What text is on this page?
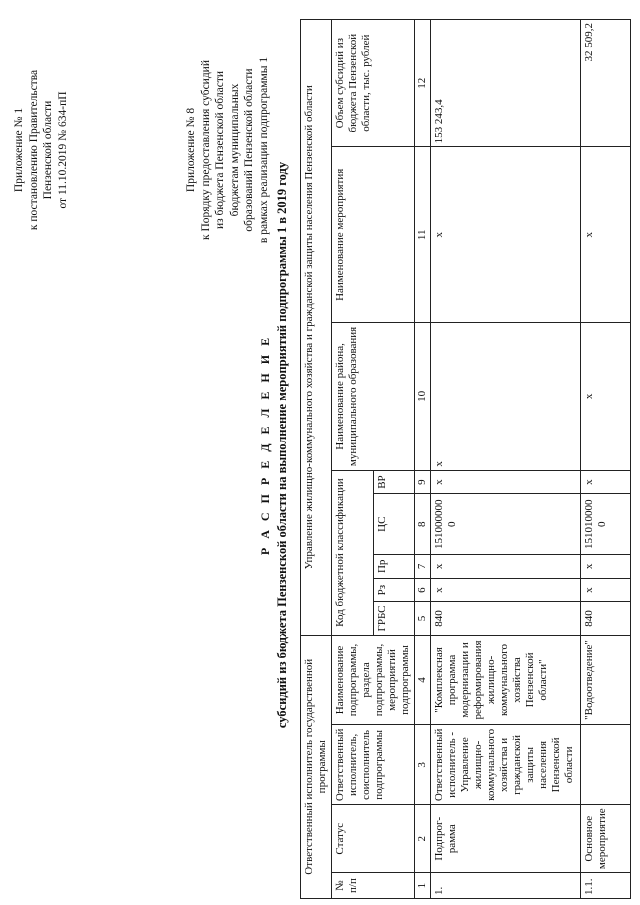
Приложение № 1 к постановлению Правительства Пензенской области от 11.10.2019 № 634-пП	Приложение № 8 к Порядку предоставления субсидий из бюджета Пензенской области бюджетам муниципальных образований Пензенской области в рамках реализации подпрограммы 1
Р А С П Р Е Д Е Л Е Н И Е субсидий из бюджета Пензенской области на выполнение мероприятий подпрограммы 1 в 2019 году
Ответственный исполнитель государственной программы				Управление жилищно-коммунального хозяйства и гражданской защиты населения Пензенской области							
№ п/п	Статус	Ответственный исполнитель, соисполнитель подпрограммы	Наименование подпрограммы, раздела подпрограммы, мероприятий подпрограммы	Код бюджетной классификации					Наименование района, муниципального образования	Наименование мероприятия	Объем субсидий из бюджета Пензенской области, тыс. рублей
				ГРБС	Рз	Пр	ЦС	ВР			
1	2	3	4	5	6	7	8	9	10	11	12
1.	Подпрог-рамма	Ответственный исполнитель - Управление жилищно-коммунального хозяйства и гражданской защиты населения Пензенской области	"Комплексная программа модернизации и реформирования жилищно-коммунального хозяйства Пензенской области"	840	x	x	1510000000	x	x	x	153 243,4
1.1.	Основное мероприятие		"Водоотведение"	840	x	x	1510100000	x	x	x	32 509,2
